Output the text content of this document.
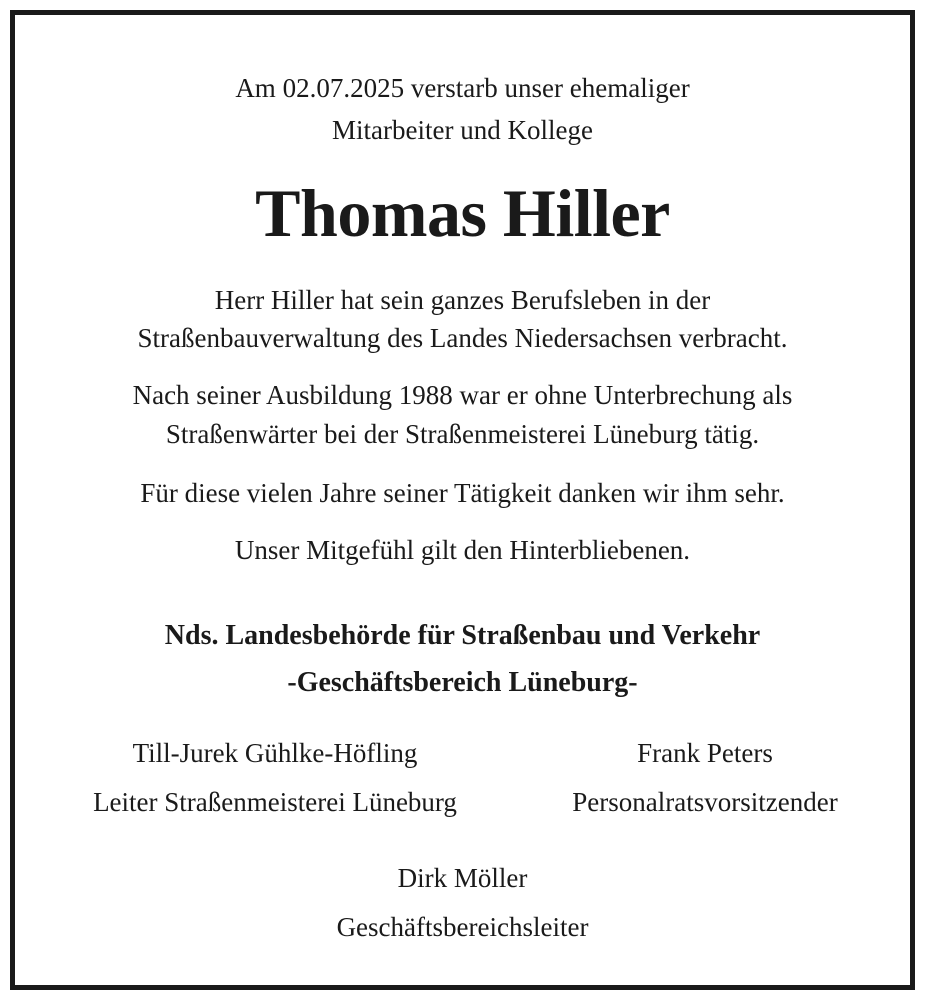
Am 02.07.2025 verstarb unser ehemaliger
Mitarbeiter und Kollege
Thomas Hiller
Herr Hiller hat sein ganzes Berufsleben in der
Straßenbauverwaltung des Landes Niedersachsen verbracht.
Nach seiner Ausbildung 1988 war er ohne Unterbrechung als
Straßenwärter bei der Straßenmeisterei Lüneburg tätig.
Für diese vielen Jahre seiner Tätigkeit danken wir ihm sehr.
Unser Mitgefühl gilt den Hinterbliebenen.
Nds. Landesbehörde für Straßenbau und Verkehr
-Geschäftsbereich Lüneburg-
Till-Jurek Gühlke-Höfling
Leiter Straßenmeisterei Lüneburg
Frank Peters
Personalratsvorsitzender
Dirk Möller
Geschäftsbereichsleiter
